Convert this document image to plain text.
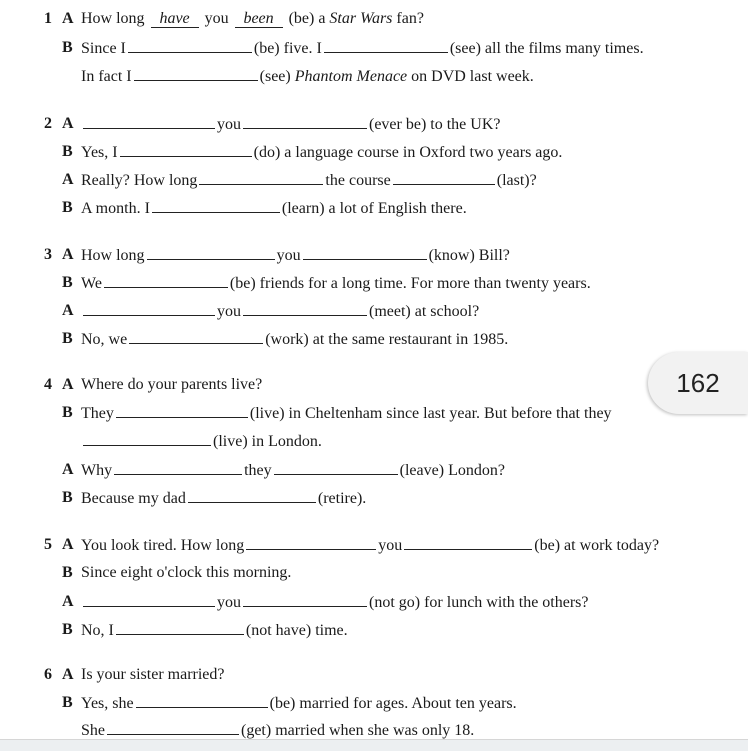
1 A How long have you been (be) a Star Wars fan?
B Since I	(be) five. I	(see) all the films many times.
In fact I	(see) Phantom Menace on DVD last week.
2 A	you	(ever be) to the UK?
B Yes, I	(do) a language course in Oxford two years ago.
A Really? How long	the course	(last)?
B A month. I	(learn) a lot of English there.
3 A How long	you	(know) Bill?
B We	(be) friends for a long time. For more than twenty years.
A	you	(meet) at school?
B No, we	(work) at the same restaurant in 1985.
4 A Where do your parents live?
B They	(live) in Cheltenham since last year. But before that they
(live) in London.
A Why	they	(leave) London?
B Because my dad	(retire).
5 A You look tired. How long	you	(be) at work today?
B Since eight o'clock this morning.
A	you	(not go) for lunch with the others?
B No, I	(not have) time.
6 A Is your sister married?
B Yes, she	(be) married for ages. About ten years.
She	(get) married when she was only 18.
162
